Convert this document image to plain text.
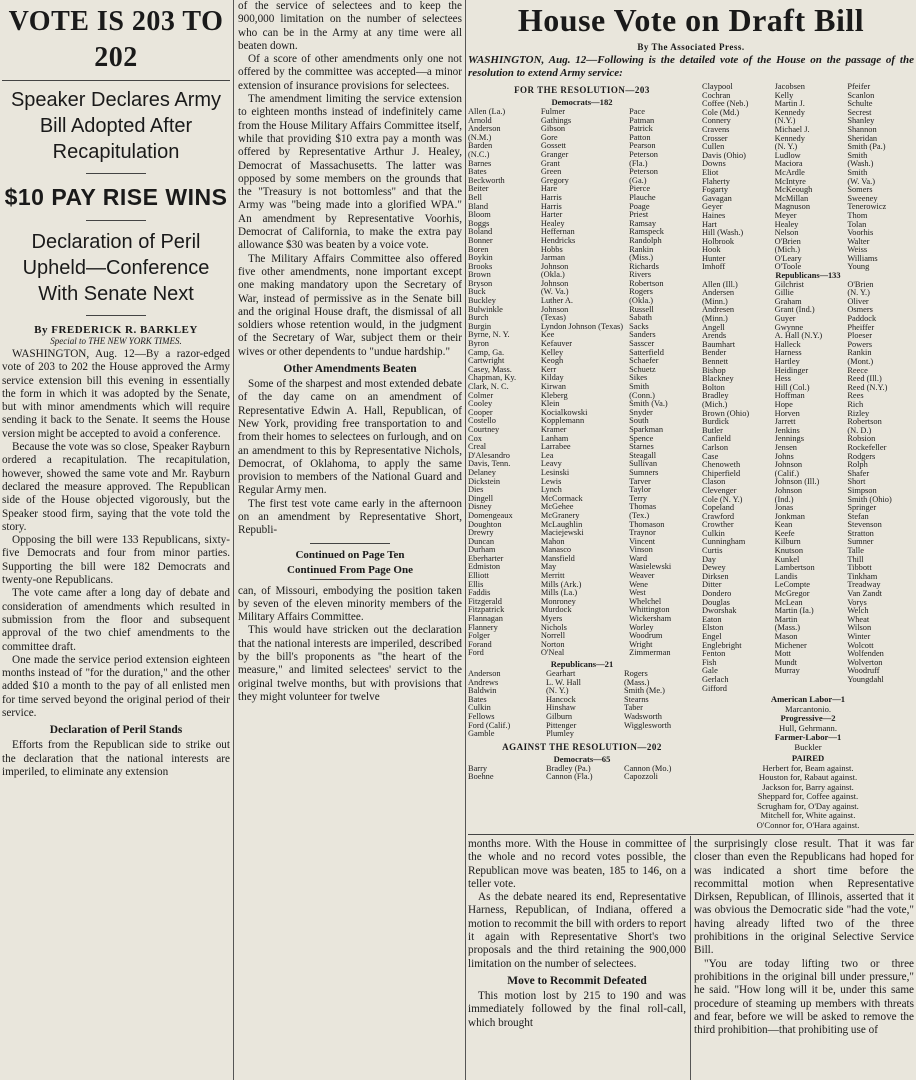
VOTE IS 203 TO 202
Speaker Declares Army
Bill Adopted After
Recapitulation
$10 PAY RISE WINS
Declaration of Peril
Upheld—Conference
With Senate Next
By FREDERICK R. BARKLEY
Special to THE NEW YORK TIMES.

WASHINGTON, Aug. 12—By a razor-edged vote of 203 to 202 the House approved the Army service extension bill this evening in essentially the form in which it was adopted by the Senate, but with minor amendments which will require sending it back to the Senate. It seems the House version might be accepted to avoid a conference.

Because the vote was so close, Speaker Rayburn ordered a recapitulation. The recapitulation, however, showed the same vote and Mr. Rayburn declared the measure approved. The Republican side of the House objected vigorously, but the Speaker stood firm, saying that the vote told the story.

Opposing the bill were 133 Republicans, sixty-five Democrats and four from minor parties. Supporting the bill were 182 Democrats and twenty-one Republicans.

The vote came after a long day of debate and consideration of amendments which resulted in submission from the floor and subsequent approval of the two chief amendments to the committee draft.

One made the service period extension eighteen months instead of "for the duration," and the other added $10 a month to the pay of all enlisted men for time served beyond the original period of their service.

Declaration of Peril Stands

Efforts from the Republican side to strike out the declaration that the national interests are imperiled, to eliminate any extension

of the service of selectees and to keep the 900,000 limitation on the number of selectees who can be in the Army at any time were all beaten down.

Of a score of other amendments only one not offered by the committee was accepted—a minor extension of insurance provisions for selectees.

The amendment limiting the service extension to eighteen months instead of indefinitely came from the House Military Affairs Committee itself, while that providing $10 extra pay a month was offered by Representative Arthur J. Healey, Democrat of Massachusetts. The latter was opposed by some members on the grounds that the "Treasury is not bottomless" and that the Army was "being made into a glorified WPA." An amendment by Representative Voorhis, Democrat of California, to make the extra pay allowance $30 was beaten by a voice vote.

The Military Affairs Committee also offered five other amendments, none important except one making mandatory upon the Secretary of War, instead of permissive as in the Senate bill and the original House draft, the dismissal of all soldiers whose retention would, in the judgment of the Secretary of War, subject them or their wives or other dependents to "undue hardship."

Other Amendments Beaten

Some of the sharpest and most extended debate of the day came on an amendment of Representative Edwin A. Hall, Republican, of New York, providing free transportation to and from their homes to selectees on furlough, and on an amendment to this by Representative Nichols, Democrat, of Oklahoma, to apply the same provision to members of the National Guard and Regular Army men.

The first test vote came early in the afternoon on an amendment by Representative Short, Republi-

Continued on Page Ten
Continued From Page One

can, of Missouri, embodying the position taken by seven of the eleven minority members of the Military Affairs Committee.

This would have stricken out the declaration that the national interests are imperiled, described by the bill's proponents as "the heart of the measure," and limited selectees' servict to the original twelve months, but with provisions that they might volunteer for twelve

House Vote on Draft Bill
By The Associated Press.
WASHINGTON, Aug. 12—Following is the detailed vote of the House on the passage of the resolution to extend Army service:
FOR THE RESOLUTION—203
Democrats—182
Allen (La.)
Arnold
Anderson
(N.M.)
Barden
(N.C.)
Barnes
Bates
Beckworth
Beiter
Bell
Bland
Bloom
Boggs
Boland
Bonner
Boren
Boykin
Brooks
Brown
Bryson
Buck
Buckley
Bulwinkle
Burch
Burgin
Byrne, N. Y.
Byron
Camp, Ga.
Cartwright
Casey, Mass.
Chapman, Ky.
Clark, N. C.
Colmer
Cooley
Cooper
Costello
Courtney
Cox
Creal
D'Alesandro
Davis, Tenn.
Delaney
Dickstein
Dies
Dingell
Disney
Domengeaux
Doughton
Drewry
Duncan
Durham
Eberharter
Edmiston
Elliott
Ellis
Faddis
Fitzgerald
Fitzpatrick
Flannagan
Flannery
Folger
Forand
Ford
Fulmer
Gathings
Gibson
Gore
Gossett
Granger
Grant
Green
Gregory
Hare
Harris
Harris
Harter
Healey
Heffernan
Hendricks
Hobbs
Jarman
Johnson
(Okla.)
Johnson
(W. Va.)
Luther A.
Johnson
(Texas)
Lyndon Johnson (Texas)
Kee
Kefauver
Kelley
Keogh
Kerr
Kilday
Kirwan
Kleberg
Klein
Kocialkowski
Kopplemann
Kramer
Lanham
Larrabee
Lea
Leavy
Lesinski
Lewis
Lynch
McCormack
McGehee
McGranery
McLaughlin
Maciejewski
Mahon
Manasco
Mansfield
May
Merritt
Mills (Ark.)
Mills (La.)
Monroney
Murdock
Myers
Nichols
Norrell
Norton
O'Neal
Pace
Patman
Patrick
Patton
Pearson
Peterson
(Fla.)
Peterson
(Ga.)
Pierce
Plauche
Poage
Priest
Ramsay
Ramspeck
Randolph
Rankin
(Miss.)
Richards
Rivers
Robertson
Rogers
(Okla.)
Russell
Sabath
Sacks
Sanders
Sasscer
Satterfield
Schaefer
Schuetz
Sikes
Smith
(Conn.)
Smith (Va.)
Snyder
South
Sparkman
Spence
Starnes
Steagall
Sullivan
Sumners
Tarver
Taylor
Terry
Thomas
(Tex.)
Thomason
Traynor
Vincent
Vinson
Ward
Wasielewski
Weaver
Wene
West
Whelchel
Whittington
Wickersham
Worley
Woodrum
Wright
Zimmerman
Republicans—21
Anderson
Andrews
Baldwin
Bates
Culkin
Fellows
Ford (Calif.)
Gamble
Gearhart
L. W. Hall
(N. Y.)
Hancock
Hinshaw
Gilburn
Pittenger
Plumley
Rogers
(Mass.)
Smith (Me.)
Stearns
Taber
Wadsworth
Wigglesworth
AGAINST THE RESOLUTION—202
Democrats—65
Barry
Boehne
Bradley (Pa.)
Cannon (Fla.)
Cannon (Mo.)
Capozzoli
Claypool
Cochran
Coffee (Neb.)
Cole (Md.)
Connery
Cravens
Crosser
Cullen
Davis (Ohio)
Downs
Eliot
Flaherty
Fogarty
Gavagan
Geyer
Haines
Hart
Hill (Wash.)
Holbrook
Hook
Hunter
Imhoff

Allen (Ill.)
Andersen
(Minn.)
Andresen
(Minn.)
Angell
Arends
Baumhart
Bender
Bennett
Bishop
Blackney
Bolton
Bradley
(Mich.)
Brown (Ohio)
Burdick
Butler
Canfield
Carlson
Case
Chenoweth
Chiperfield
Clason
Clevenger
Cole (N. Y.)
Copeland
Crawford
Crowther
Culkin
Cunningham
Curtis
Day
Dewey
Dirksen
Ditter
Dondero
Douglas
Dworshak
Eaton
Elston
Engel
Englebright
Fenton
Fish
Gale
Gerlach
Gifford
Jacobsen
Kelly
Martin J.
Kennedy
(N.Y.)
Michael J.
Kennedy
(N. Y.)
Ludlow
Maciora
McArdle
McIntyre
McKeough
McMillan
Magnuson
Meyer
Healey
Nelson
O'Brien
(Mich.)
O'Leary
O'Toole
Republicans—133
Gilchrist
Gillie
Graham
Grant (Ind.)
Guyer
Gwynne
A. Hall (N.Y.)
Halleck
Harness
Hartley
Heidinger
Hess
Hill (Col.)
Hoffman
Hope
Horven
Jarrett
Jenkins
Jennings
Jensen
Johns
Johnson
(Calif.)
Johnson (Ill.)
Johnson
(Ind.)
Jonas
Jonkman
Kean
Keefe
Kilburn
Knutson
Kunkel
Lambertson
Landis
LeCompte
McGregor
McLean
Martin (Ia.)
Martin
(Mass.)
Mason
Michener
Mott
Mundt
Murray
Pfeifer
Scanlon
Schulte
Secrest
Shanley
Shannon
Sheridan
Smith (Pa.)
Smith
(Wash.)
Smith
(W. Va.)
Somers
Sweeney
Tenerowicz
Thom
Tolan
Voorhis
Walter
Weiss
Williams
Young

O'Brien
(N. Y.)
Oliver
Osmers
Paddock
Pheiffer
Ploeser
Powers
Rankin
(Mont.)
Reece
Reed (Ill.)
Reed (N.Y.)
Rees
Rich
Rizley
Robertson
(N. D.)
Robsion
Rockefeller
Rodgers
Rolph
Shafer
Short
Simpson
Smith (Ohio)
Springer
Stefan
Stevenson
Stratton
Sumner
Talle
Thill
Tibbott
Tinkham
Treadway
Van Zandt
Vorys
Welch
Wheat
Wilson
Winter
Wolcott
Wolfenden
Wolverton
Woodruff
Youngdahl
American Labor—1
Marcantonio.
Progressive—2
Hull, Gehrmann.
Farmer-Labor—1
Buckler
PAIRED
Herbert for, Beam against.
Houston for, Rabaut against.
Jackson for, Barry against.
Sheppard for, Coffee against.
Scrugham for, O'Day against.
Mitchell for, White against.
O'Connor for, O'Hara against.

months more. With the House in committee of the whole and no record votes possible, the Republican move was beaten, 185 to 146, on a teller vote.

As the debate neared its end, Representative Harness, Republican, of Indiana, offered a motion to recommit the bill with orders to report it again with Representative Short's two proposals and the third retaining the 900,000 limitation on the number of selectees.

Move to Recommit Defeated

This motion lost by 215 to 190 and was immediately followed by the final roll-call, which brought

the surprisingly close result. That it was far closer than even the Republicans had hoped for was indicated a short time before the recommittal motion when Representative Dirksen, Republican, of Illinois, asserted that it was obvious the Democratic side "had the vote," having already lifted two of the three prohibitions in the original Selective Service Bill.

"You are today lifting two or three prohibitions in the original bill under pressure," he said. "How long will it be, under this same procedure of steaming up members with threats and fear, before we will be asked to remove the third prohibition—that prohibiting use of
